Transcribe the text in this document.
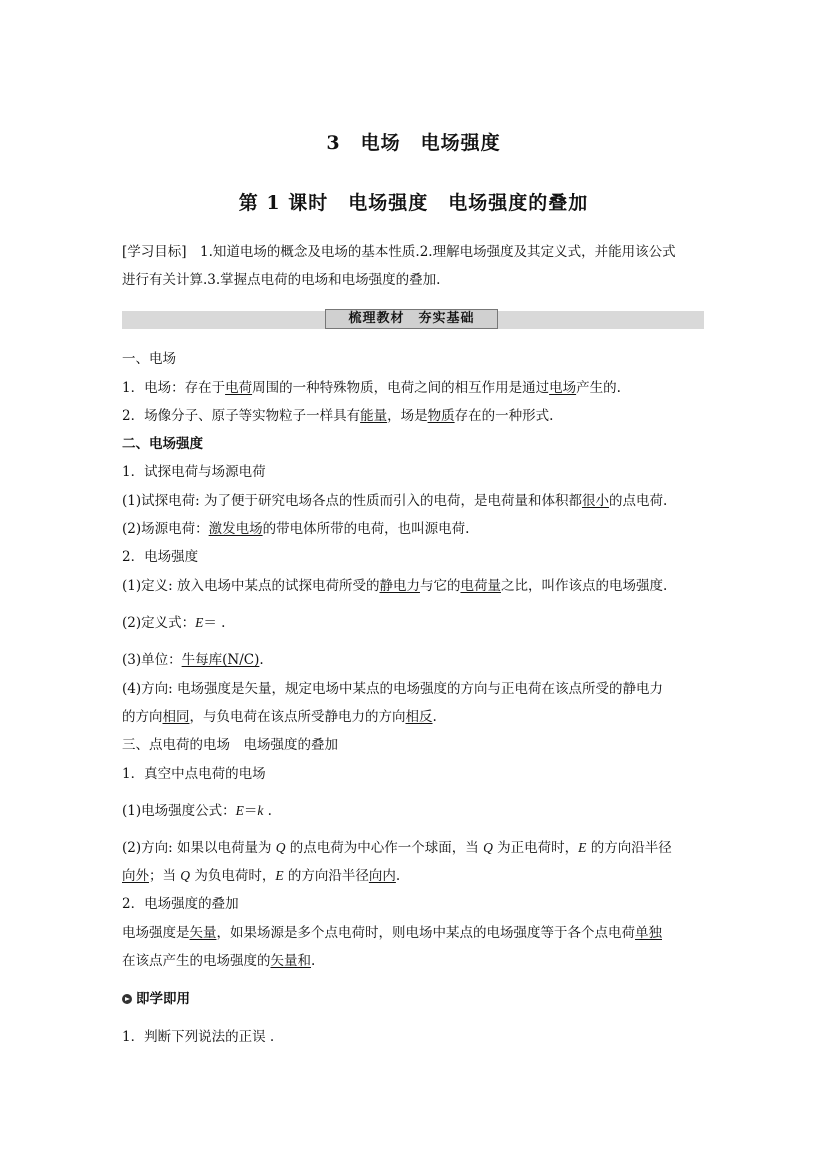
3　电场　电场强度
第 1 课时　电场强度　电场强度的叠加
[学习目标]　 1.知道电场的概念及电场的基本性质.2.理解电场强度及其定义式，并能用该公式
进行有关计算.3.掌握点电荷的电场和电场强度的叠加.
梳理教材　夯实基础
一、电场
1．电场：存在于电荷周围的一种特殊物质，电荷之间的相互作用是通过电场产生的.
2．场像分子、原子等实物粒子一样具有能量，场是物质存在的一种形式.
二、电场强度
1．试探电荷与场源电荷
(1)试探电荷: 为了便于研究电场各点的性质而引入的电荷，是电荷量和体积都很小的点电荷.
(2)场源电荷：激发电场的带电体所带的电荷，也叫源电荷.
2．电场强度
(1)定义: 放入电场中某点的试探电荷所受的静电力与它的电荷量之比，叫作该点的电场强度.
(2)定义式：E＝ .
(3)单位：牛每库(N/C).
(4)方向: 电场强度是矢量，规定电场中某点的电场强度的方向与正电荷在该点所受的静电力
的方向相同，与负电荷在该点所受静电力的方向相反.
三、点电荷的电场　电场强度的叠加
1．真空中点电荷的电场
(1)电场强度公式：E＝k .
(2)方向: 如果以电荷量为 Q 的点电荷为中心作一个球面，当 Q 为正电荷时，E 的方向沿半径
向外；当 Q 为负电荷时，E 的方向沿半径向内.
2．电场强度的叠加
电场强度是矢量，如果场源是多个点电荷时，则电场中某点的电场强度等于各个点电荷单独
在该点产生的电场强度的矢量和.
即学即用
1．判断下列说法的正误 .
